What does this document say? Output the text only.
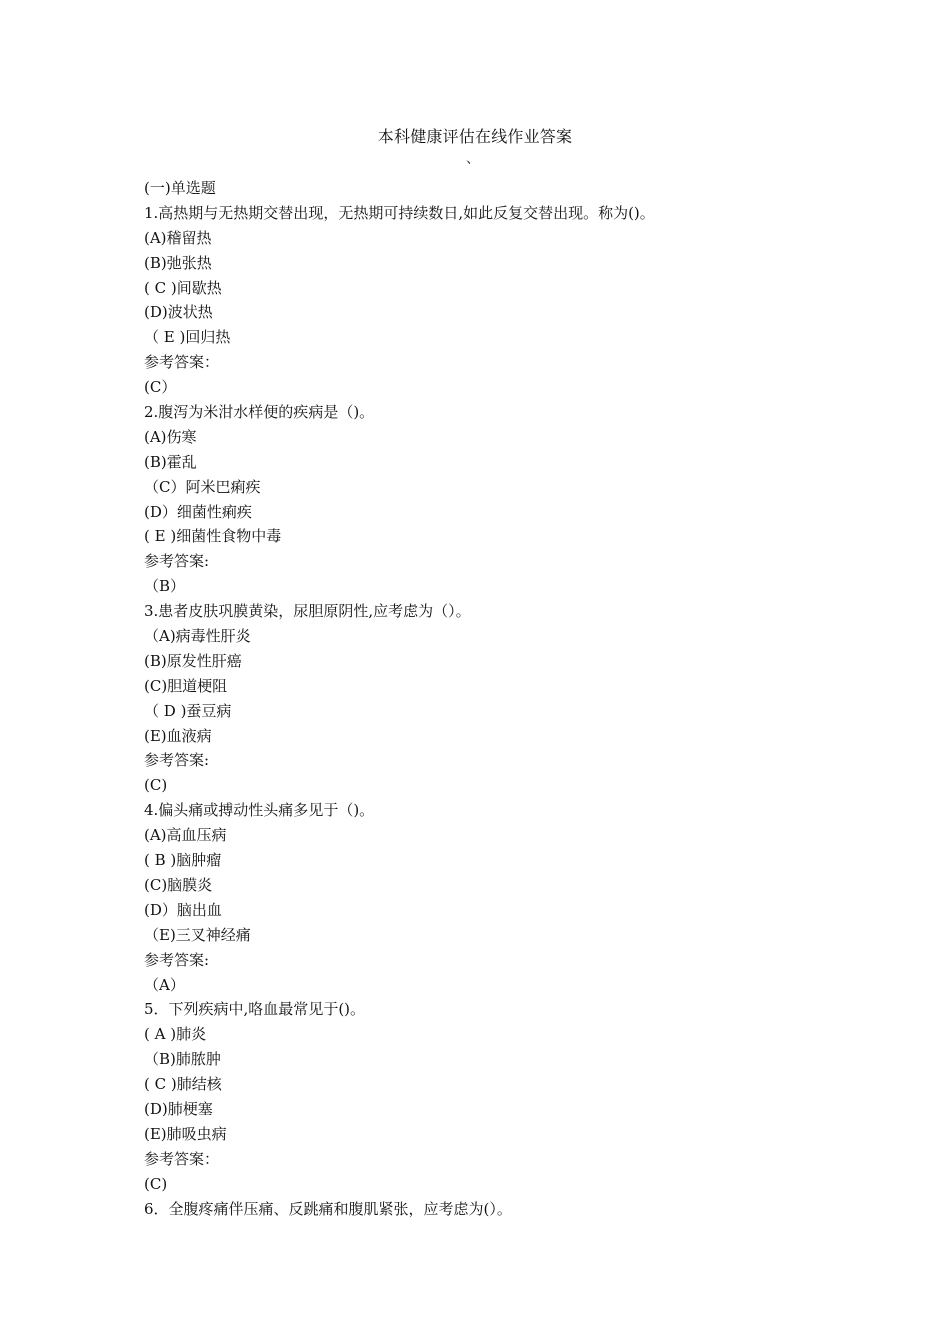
本科健康评估在线作业答案
、
(一)单选题
1.高热期与无热期交替出现，无热期可持续数日,如此反复交替出现。称为()。
(A)稽留热
(B)弛张热
( C )间歇热
(D)波状热
（ E )回归热
参考答案：
(C）
2.腹泻为米泔水样便的疾病是（)。
(A)伤寒
(B)霍乱
（C）阿米巴痢疾
(D）细菌性痢疾
( E )细菌性食物中毒
参考答案:
（B）
3.患者皮肤巩膜黄染，尿胆原阴性,应考虑为（）。
（A)病毒性肝炎
(B)原发性肝癌
(C)胆道梗阻
（ D )蚕豆病
(E)血液病
参考答案:
(C)
4.偏头痛或搏动性头痛多见于（)。
(A)高血压病
( B )脑肿瘤
(C)脑膜炎
(D）脑出血
（E)三叉神经痛
参考答案:
（A）
5．下列疾病中,咯血最常见于()。
( A )肺炎
（B)肺脓肿
( C )肺结核
(D)肺梗塞
(E)肺吸虫病
参考答案：
(C)
6．全腹疼痛伴压痛、反跳痛和腹肌紧张，应考虑为(）。
